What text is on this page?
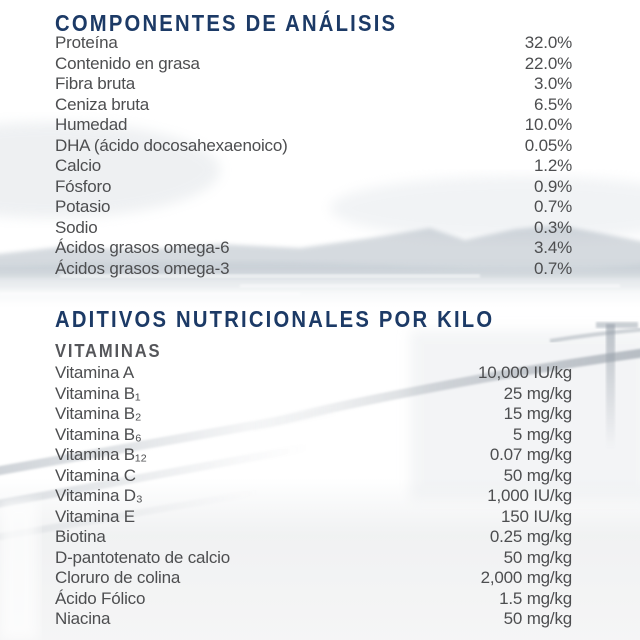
COMPONENTES DE ANÁLISIS
Proteína	32.0%
Contenido en grasa	22.0%
Fibra bruta	3.0%
Ceniza bruta	6.5%
Humedad	10.0%
DHA (ácido docosahexaenoico)	0.05%
Calcio	1.2%
Fósforo	0.9%
Potasio	0.7%
Sodio	0.3%
Ácidos grasos omega-6	3.4%
Ácidos grasos omega-3	0.7%
ADITIVOS NUTRICIONALES POR KILO
VITAMINAS
Vitamina A	10,000 IU/kg
Vitamina B₁	25 mg/kg
Vitamina B₂	15 mg/kg
Vitamina B₆	5 mg/kg
Vitamina B₁₂	0.07 mg/kg
Vitamina C	50 mg/kg
Vitamina D₃	1,000 IU/kg
Vitamina E	150 IU/kg
Biotina	0.25 mg/kg
D-pantotenato de calcio	50 mg/kg
Cloruro de colina	2,000 mg/kg
Ácido Fólico	1.5 mg/kg
Niacina	50 mg/kg
